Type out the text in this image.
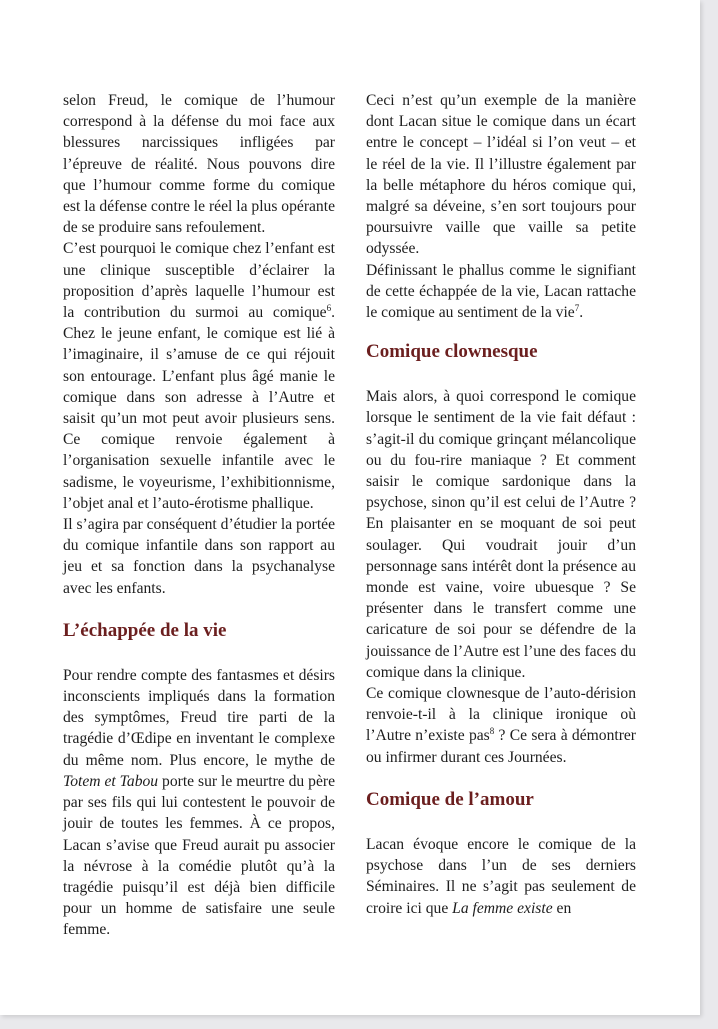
selon Freud, le comique de l’humour correspond à la défense du moi face aux blessures narcissiques infligées par l’épreuve de réalité. Nous pouvons dire que l’humour comme forme du comique est la défense contre le réel la plus opérante de se produire sans refoulement.

C’est pourquoi le comique chez l’enfant est une clinique susceptible d’éclairer la proposition d’après laquelle l’humour est la contribution du surmoi au comique$^6$. Chez le jeune enfant, le comique est lié à l’imaginaire, il s’amuse de ce qui réjouit son entourage. L’enfant plus âgé manie le comique dans son adresse à l’Autre et saisit qu’un mot peut avoir plusieurs sens. Ce comique renvoie également à l’organisation sexuelle infantile avec le sadisme, le voyeurisme, l’exhibitionnisme, l’objet anal et l’auto-érotisme phallique.

Il s’agira par conséquent d’étudier la portée du comique infantile dans son rapport au jeu et sa fonction dans la psychanalyse avec les enfants.

L’échappée de la vie

Pour rendre compte des fantasmes et désirs inconscients impliqués dans la formation des symptômes, Freud tire parti de la tragédie d’Œdipe en inventant le complexe du même nom. Plus encore, le mythe de Totem et Tabou porte sur le meurtre du père par ses fils qui lui contestent le pouvoir de jouir de toutes les femmes. À ce propos, Lacan s’avise que Freud aurait pu associer la névrose à la comédie plutôt qu’à la tragédie puisqu’il est déjà bien difficile pour un homme de satisfaire une seule femme.

Ceci n’est qu’un exemple de la manière dont Lacan situe le comique dans un écart entre le concept – l’idéal si l’on veut – et le réel de la vie. Il l’illustre également par la belle métaphore du héros comique qui, malgré sa déveine, s’en sort toujours pour poursuivre vaille que vaille sa petite odyssée.

Définissant le phallus comme le signifiant de cette échappée de la vie, Lacan rattache le comique au sentiment de la vie$^7$.

Comique clownesque

Mais alors, à quoi correspond le comique lorsque le sentiment de la vie fait défaut : s’agit-il du comique grinçant mélancolique ou du fou-rire maniaque ? Et comment saisir le comique sardonique dans la psychose, sinon qu’il est celui de l’Autre ? En plaisanter en se moquant de soi peut soulager. Qui voudrait jouir d’un personnage sans intérêt dont la présence au monde est vaine, voire ubuesque ? Se présenter dans le transfert comme une caricature de soi pour se défendre de la jouissance de l’Autre est l’une des faces du comique dans la clinique.

Ce comique clownesque de l’auto-dérision renvoie-t-il à la clinique ironique où l’Autre n’existe pas$^8$ ? Ce sera à démontrer ou infirmer durant ces Journées.

Comique de l’amour

Lacan évoque encore le comique de la psychose dans l’un de ses derniers Séminaires. Il ne s’agit pas seulement de croire ici que La femme existe en
